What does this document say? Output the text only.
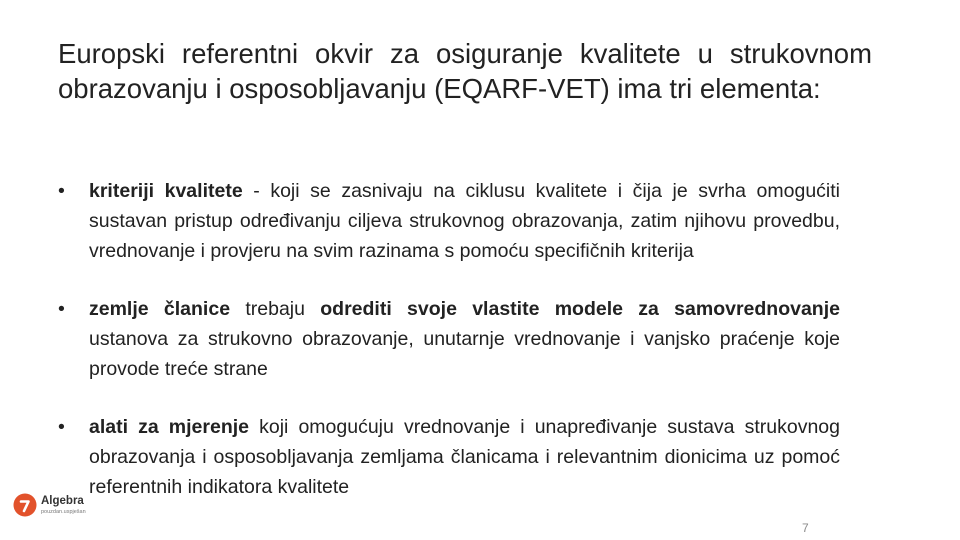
Europski referentni okvir za osiguranje kvalitete u strukovnom obrazovanju i osposobljavanju (EQARF-VET) ima tri elementa:
•	kriteriji kvalitete - koji se zasnivaju na ciklusu kvalitete i čija je svrha omogućiti sustavan pristup određivanju ciljeva strukovnog obrazovanja, zatim njihovu provedbu, vrednovanje i provjeru na svim razinama s pomoću specifičnih kriterija
•	zemlje članice trebaju odrediti svoje vlastite modele za samovrednovanje ustanova za strukovno obrazovanje, unutarnje vrednovanje i vanjsko praćenje koje provode treće strane
•	alati za mjerenje koji omogućuju vrednovanje i unapređivanje sustava strukovnog obrazovanja i osposobljavanja zemljama članicama i relevantnim dionicima uz pomoć referentnih indikatora kvalitete
Algebra
pouzdan.uspješan
7
